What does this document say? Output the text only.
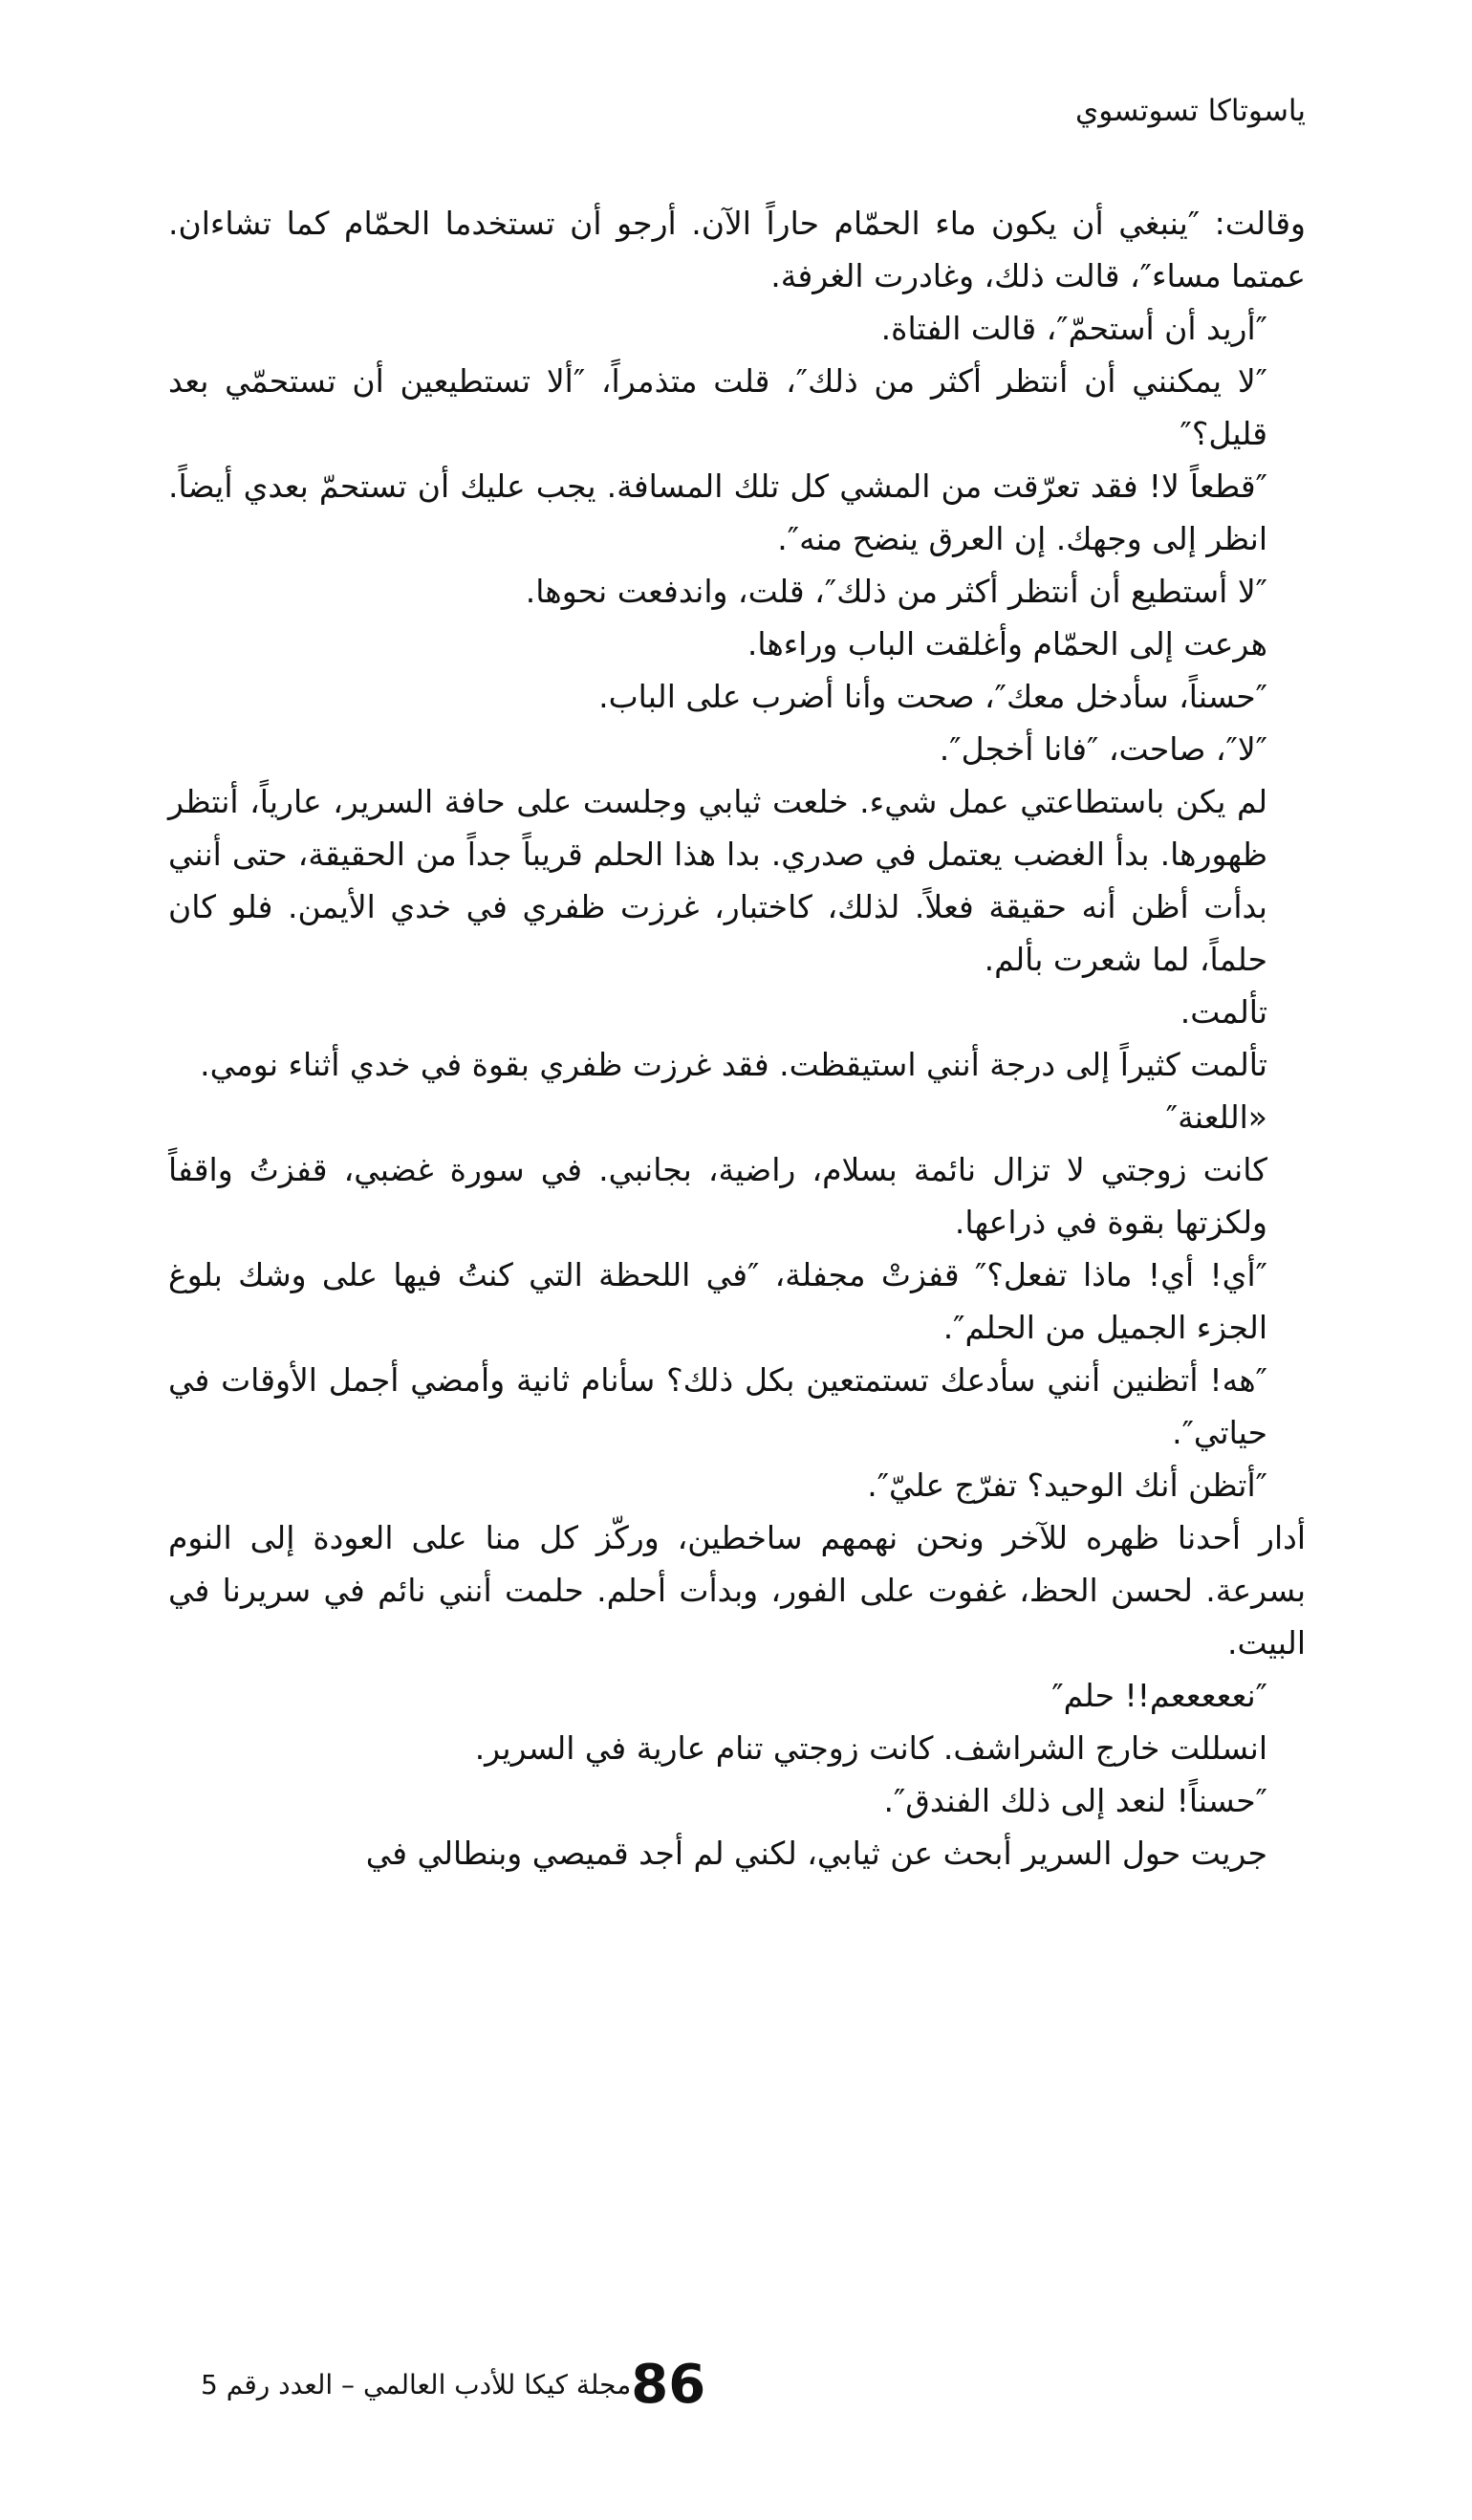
ياسوتاكا تسوتسوي

وقالت: ″ينبغي أن يكون ماء الحمّام حاراً الآن. أرجو أن تستخدما الحمّام كما تشاءان. عمتما مساء″، قالت ذلك، وغادرت الغرفة.

″أريد أن أستحمّ″، قالت الفتاة.

″لا يمكنني أن أنتظر أكثر من ذلك″، قلت متذمراً، ″ألا تستطيعين أن تستحمّي بعد قليل؟″

″قطعاً لا! فقد تعرّقت من المشي كل تلك المسافة. يجب عليك أن تستحمّ بعدي أيضاً. انظر إلى وجهك. إن العرق ينضح منه″.

″لا أستطيع أن أنتظر أكثر من ذلك″، قلت، واندفعت نحوها.

هرعت إلى الحمّام وأغلقت الباب وراءها.

″حسناً، سأدخل معك″، صحت وأنا أضرب على الباب.

″لا″، صاحت، ″فانا أخجل″.

لم يكن باستطاعتي عمل شيء. خلعت ثيابي وجلست على حافة السرير، عارياً، أنتظر ظهورها. بدأ الغضب يعتمل في صدري. بدا هذا الحلم قريباً جداً من الحقيقة، حتى أنني بدأت أظن أنه حقيقة فعلاً. لذلك، كاختبار، غرزت ظفري في خدي الأيمن. فلو كان حلماً، لما شعرت بألم.

تألمت.

تألمت كثيراً إلى درجة أنني استيقظت. فقد غرزت ظفري بقوة في خدي أثناء نومي.

«اللعنة″

كانت زوجتي لا تزال نائمة بسلام، راضية، بجانبي. في سورة غضبي، قفزتُ واقفاً ولكزتها بقوة في ذراعها.

″أي! أي! ماذا تفعل؟″ قفزتْ مجفلة، ″في اللحظة التي كنتُ فيها على وشك بلوغ الجزء الجميل من الحلم″.

″هه! أتظنين أنني سأدعك تستمتعين بكل ذلك؟ سأنام ثانية وأمضي أجمل الأوقات في حياتي″.

″أتظن أنك الوحيد؟ تفرّج عليّ″.

أدار أحدنا ظهره للآخر ونحن نهمهم ساخطين، وركّز كل منا على العودة إلى النوم بسرعة. لحسن الحظ، غفوت على الفور، وبدأت أحلم. حلمت أنني نائم في سريرنا في البيت.

″نعععععم!! حلم″

انسللت خارج الشراشف. كانت زوجتي تنام عارية في السرير.

″حسناً! لنعد إلى ذلك الفندق″.

جريت حول السرير أبحث عن ثيابي، لكني لم أجد قميصي وبنطالي في

86
مجلة كيكا للأدب العالمي – العدد رقم 5
